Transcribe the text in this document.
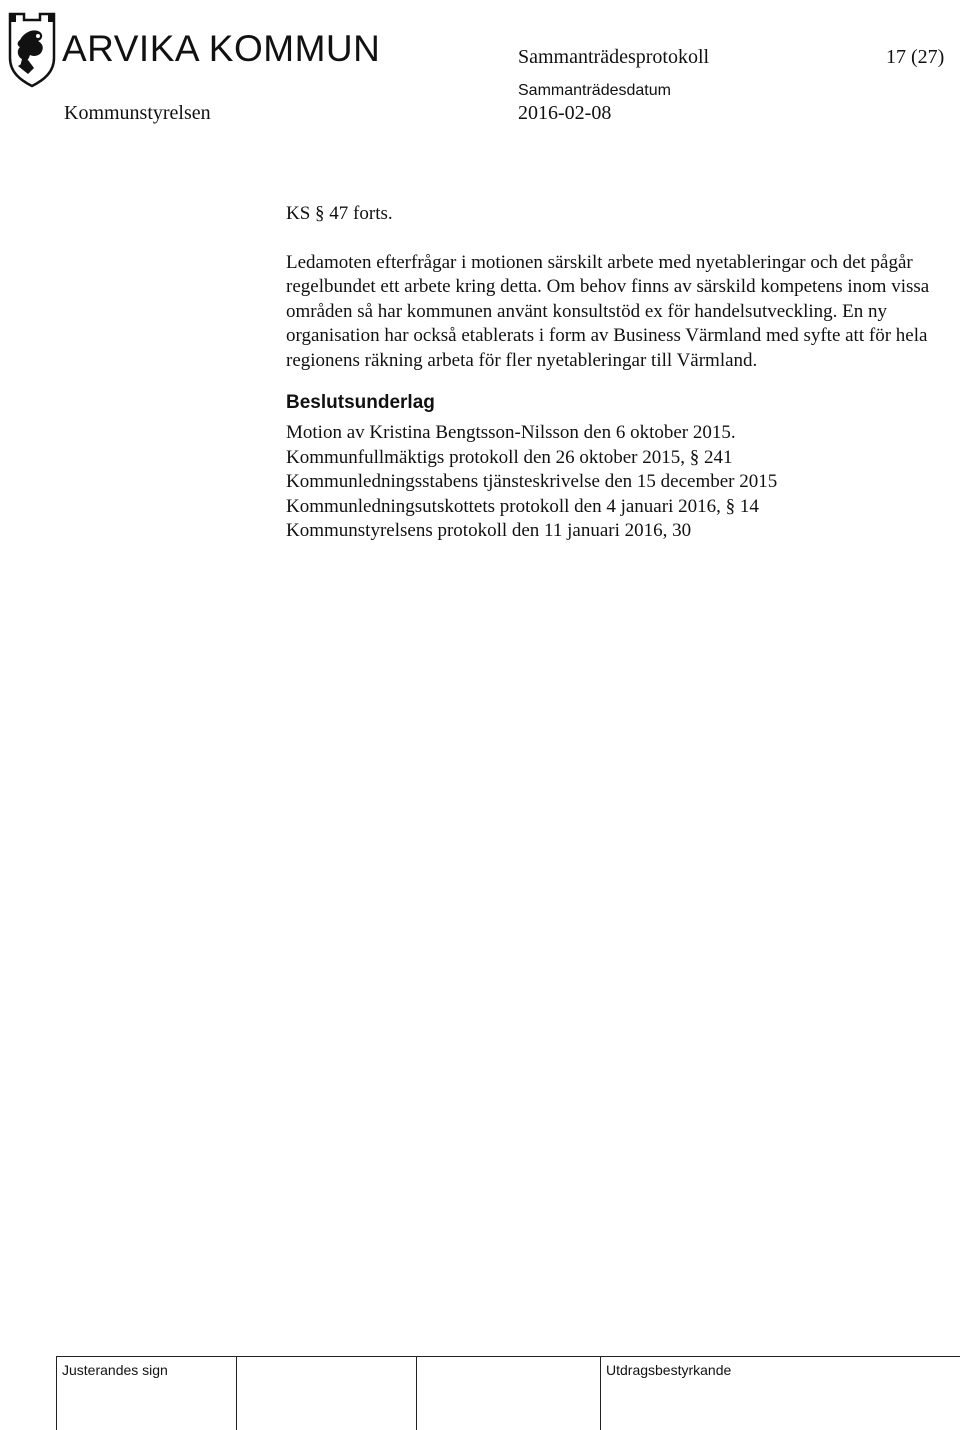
ARVIKA KOMMUN	Sammanträdesprotokoll	17 (27)
Sammanträdesdatum
Kommunstyrelsen	2016-02-08

KS § 47 forts.

Ledamoten efterfrågar i motionen särskilt arbete med nyetableringar och det pågår regelbundet ett arbete kring detta. Om behov finns av särskild kompetens inom vissa områden så har kommunen använt konsultstöd ex för handelsutveckling. En ny organisation har också etablerats i form av Business Värmland med syfte att för hela regionens räkning arbeta för fler nyetableringar till Värmland.

Beslutsunderlag

Motion av Kristina Bengtsson-Nilsson den 6 oktober 2015.
Kommunfullmäktigs protokoll den 26 oktober 2015, § 241
Kommunledningsstabens tjänsteskrivelse den 15 december 2015
Kommunledningsutskottets protokoll den 4 januari 2016, § 14
Kommunstyrelsens protokoll den 11 januari 2016, 30
Justerandes sign	Utdragsbestyrkande
